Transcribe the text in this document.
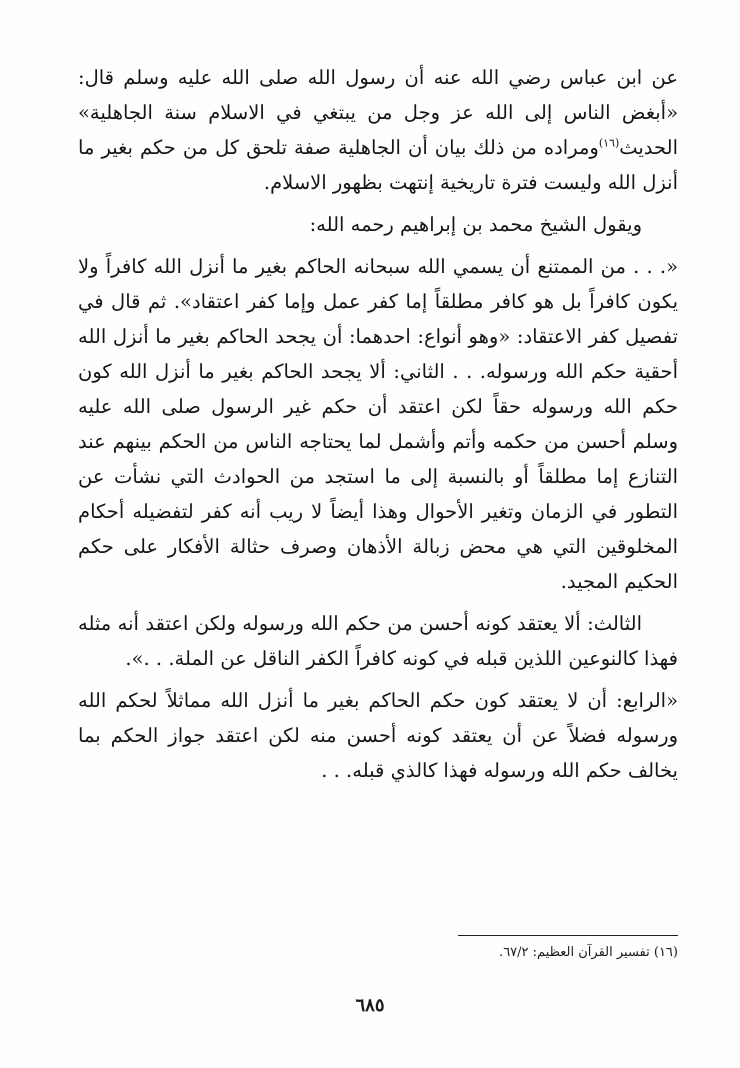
عن ابن عباس رضي الله عنه أن رسول الله صلى الله عليه وسلم قال: «أبغض الناس إلى الله عز وجل من يبتغي في الاسلام سنة الجاهلية» الحديث$^{(١٦)}$ومراده من ذلك بيان أن الجاهلية صفة تلحق كل من حكم بغير ما أنزل الله وليست فترة تاريخية إنتهت بظهور الاسلام.

ويقول الشيخ محمد بن إبراهيم رحمه الله:

«. . . من الممتنع أن يسمي الله سبحانه الحاكم بغير ما أنزل الله كافراً ولا يكون كافراً بل هو كافر مطلقاً إما كفر عمل وإما كفر اعتقاد». ثم قال في تفصيل كفر الاعتقاد: «وهو أنواع: احدهما: أن يجحد الحاكم بغير ما أنزل الله أحقية حكم الله ورسوله. . . الثاني: ألا يجحد الحاكم بغير ما أنزل الله كون حكم الله ورسوله حقاً لكن اعتقد أن حكم غير الرسول صلى الله عليه وسلم أحسن من حكمه وأتم وأشمل لما يحتاجه الناس من الحكم بينهم عند التنازع إما مطلقاً أو بالنسبة إلى ما استجد من الحوادث التي نشأت عن التطور في الزمان وتغير الأحوال وهذا أيضاً لا ريب أنه كفر لتفضيله أحكام المخلوقين التي هي محض زبالة الأذهان وصرف حثالة الأفكار على حكم الحكيم المجيد.

الثالث: ألا يعتقد كونه أحسن من حكم الله ورسوله ولكن اعتقد أنه مثله فهذا كالنوعين اللذين قبله في كونه كافراً الكفر الناقل عن الملة. . .».

«الرابع: أن لا يعتقد كون حكم الحاكم بغير ما أنزل الله مماثلاً لحكم الله ورسوله فضلاً عن أن يعتقد كونه أحسن منه لكن اعتقد جواز الحكم بما يخالف حكم الله ورسوله فهذا كالذي قبله. . .

(١٦) تفسير القرآن العظيم: ٦٧/٢.
٦٨٥
